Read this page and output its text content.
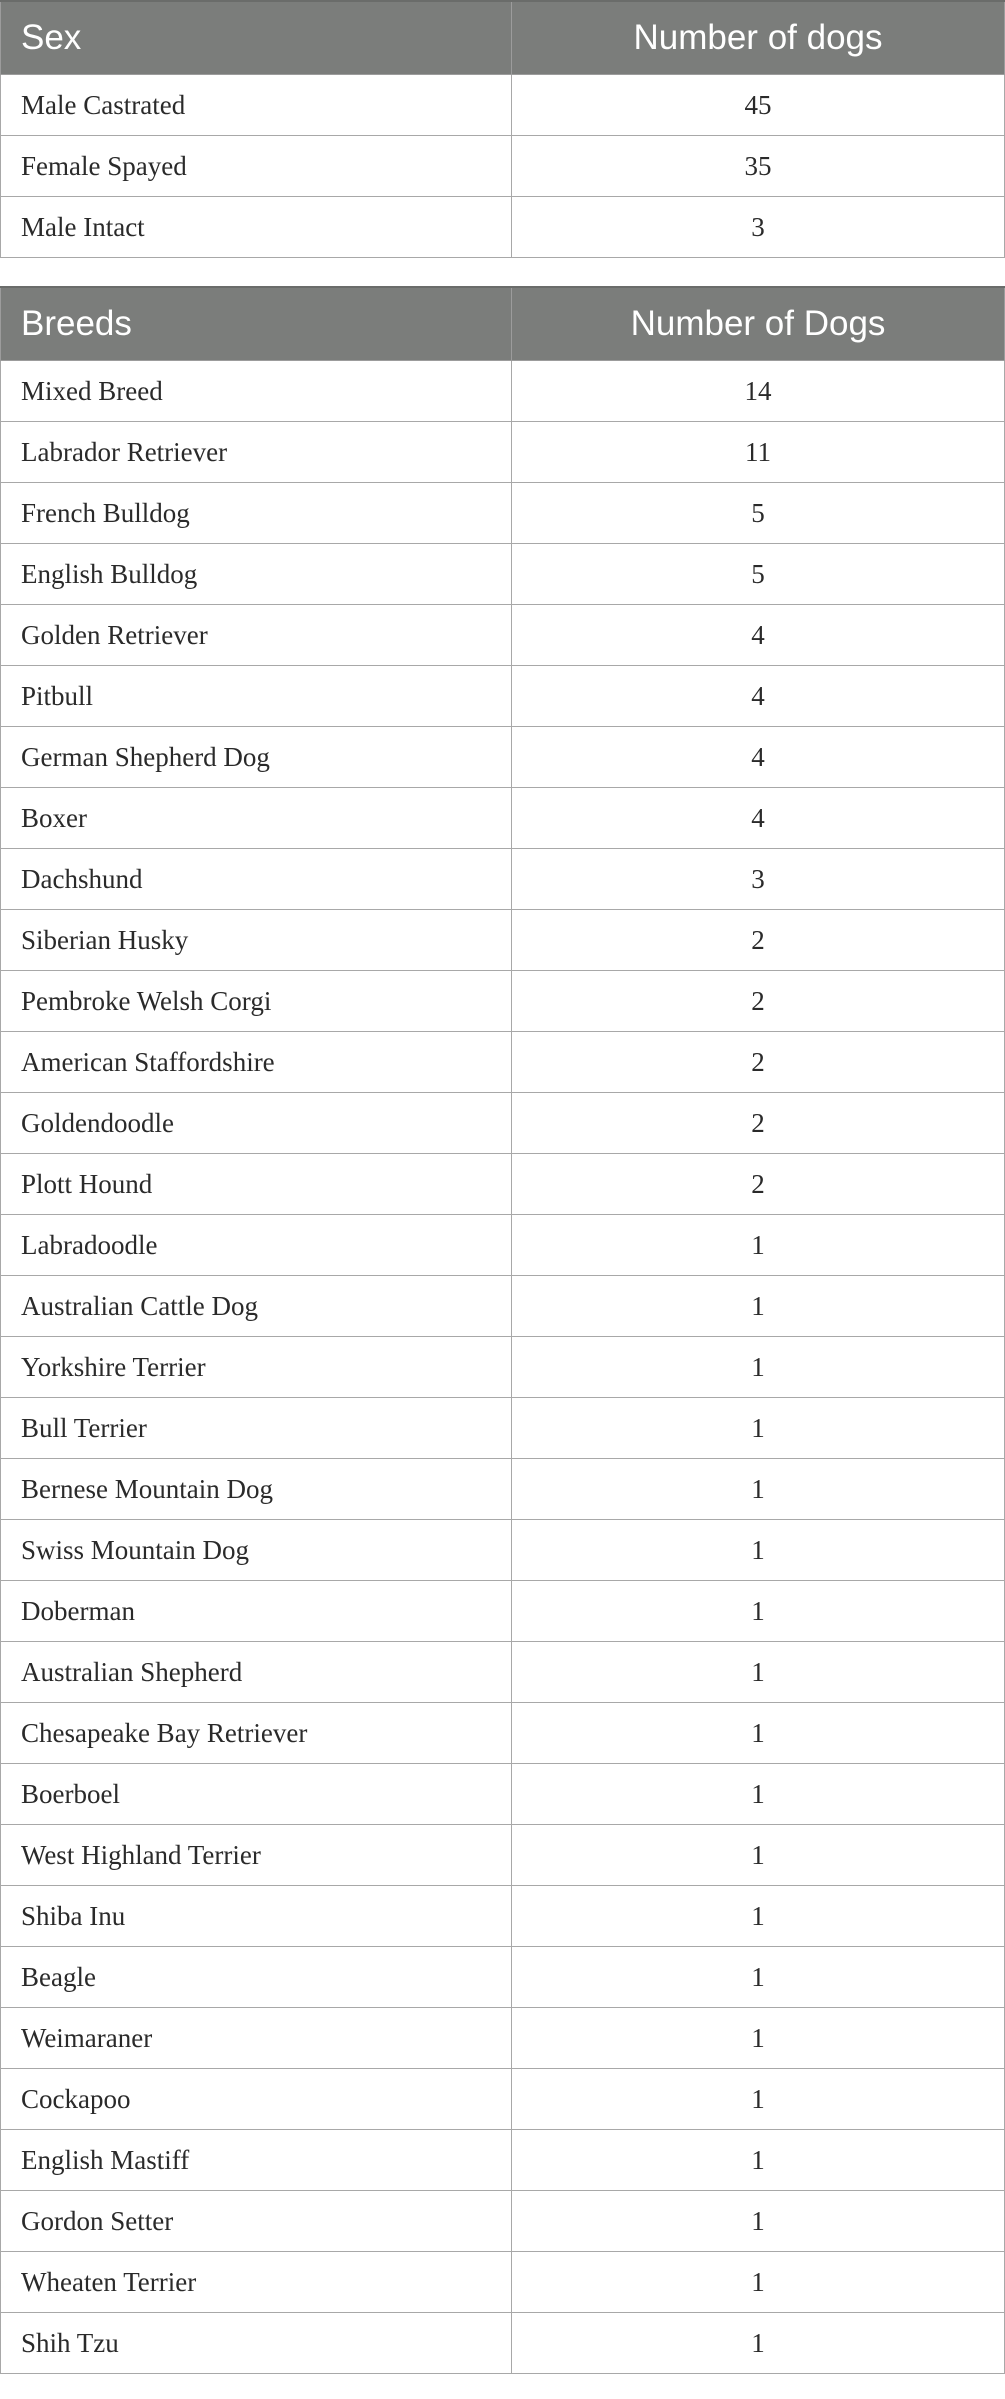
Sex	Number of dogs
Male Castrated	45
Female Spayed	35
Male Intact	3
Breeds	Number of Dogs
Mixed Breed	14
Labrador Retriever	11
French Bulldog	5
English Bulldog	5
Golden Retriever	4
Pitbull	4
German Shepherd Dog	4
Boxer	4
Dachshund	3
Siberian Husky	2
Pembroke Welsh Corgi	2
American Staffordshire	2
Goldendoodle	2
Plott Hound	2
Labradoodle	1
Australian Cattle Dog	1
Yorkshire Terrier	1
Bull Terrier	1
Bernese Mountain Dog	1
Swiss Mountain Dog	1
Doberman	1
Australian Shepherd	1
Chesapeake Bay Retriever	1
Boerboel	1
West Highland Terrier	1
Shiba Inu	1
Beagle	1
Weimaraner	1
Cockapoo	1
English Mastiff	1
Gordon Setter	1
Wheaten Terrier	1
Shih Tzu	1
